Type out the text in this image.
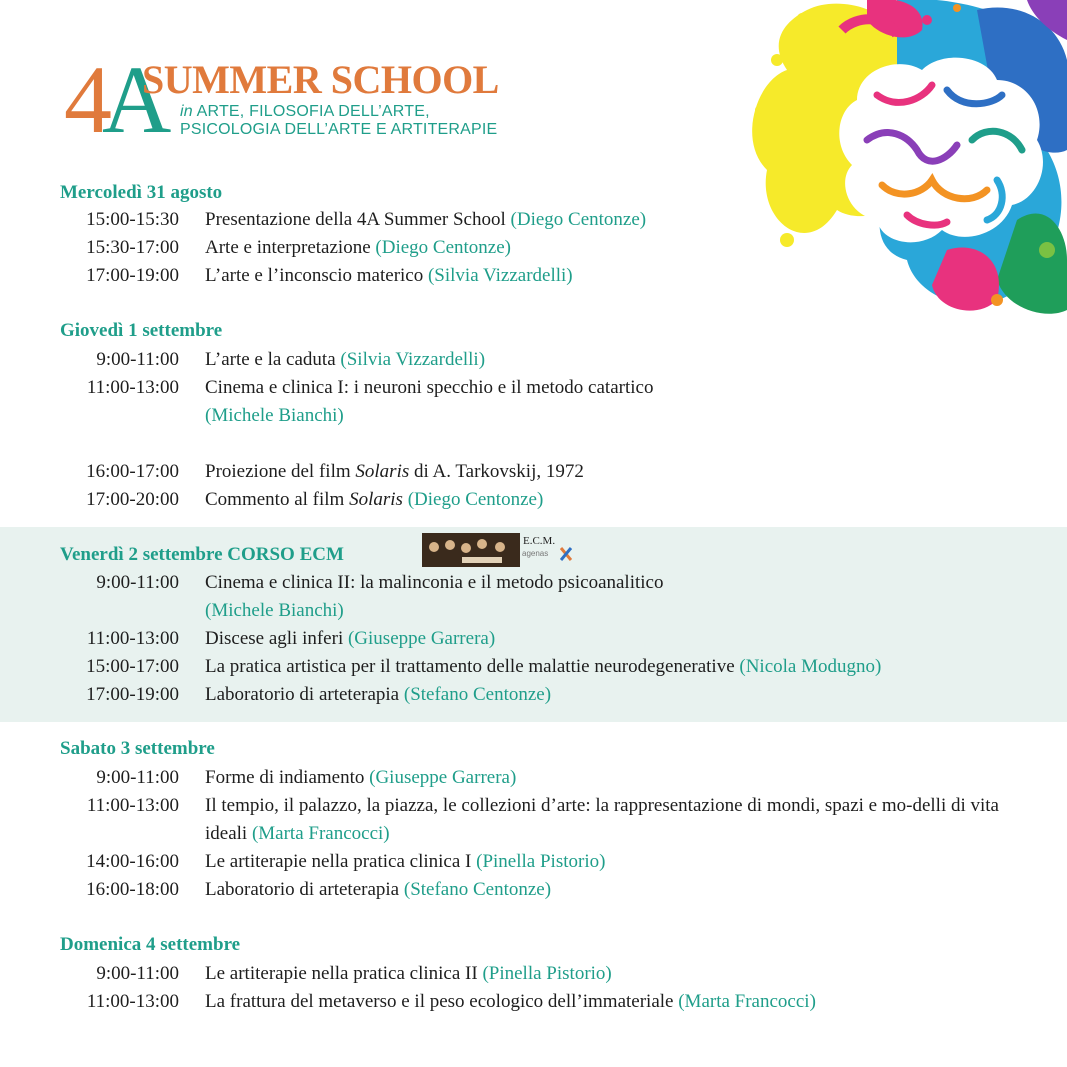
4A
SUMMER SCHOOL
in ARTE, FILOSOFIA DELL’ARTE,
PSICOLOGIA DELL’ARTE E ARTITERAPIE
Mercoledì 31 agosto
15:00-15:30 Presentazione della 4A Summer School (Diego Centonze)
15:30-17:00 Arte e interpretazione (Diego Centonze)
17:00-19:00 L’arte e l’inconscio materico (Silvia Vizzardelli)
Giovedì 1 settembre
9:00-11:00 L’arte e la caduta (Silvia Vizzardelli)
11:00-13:00 Cinema e clinica I: i neuroni specchio e il metodo catartico
(Michele Bianchi)
16:00-17:00 Proiezione del film Solaris di A. Tarkovskij, 1972
17:00-20:00 Commento al film Solaris (Diego Centonze)
Venerdì 2 settembre CORSO ECM
E.C.M.
agenas
9:00-11:00 Cinema e clinica II: la malinconia e il metodo psicoanalitico
(Michele Bianchi)
11:00-13:00 Discese agli inferi (Giuseppe Garrera)
15:00-17:00 La pratica artistica per il trattamento delle malattie neurodegenerative (Nicola Modugno)
17:00-19:00 Laboratorio di arteterapia (Stefano Centonze)
Sabato 3 settembre
9:00-11:00 Forme di indiamento (Giuseppe Garrera)
11:00-13:00 Il tempio, il palazzo, la piazza, le collezioni d’arte: la rappresentazione di mondi, spazi e mo-delli di vita ideali (Marta Francocci)
14:00-16:00 Le artiterapie nella pratica clinica I (Pinella Pistorio)
16:00-18:00 Laboratorio di arteterapia (Stefano Centonze)
Domenica 4 settembre
9:00-11:00 Le artiterapie nella pratica clinica II (Pinella Pistorio)
11:00-13:00 La frattura del metaverso e il peso ecologico dell’immateriale (Marta Francocci)
